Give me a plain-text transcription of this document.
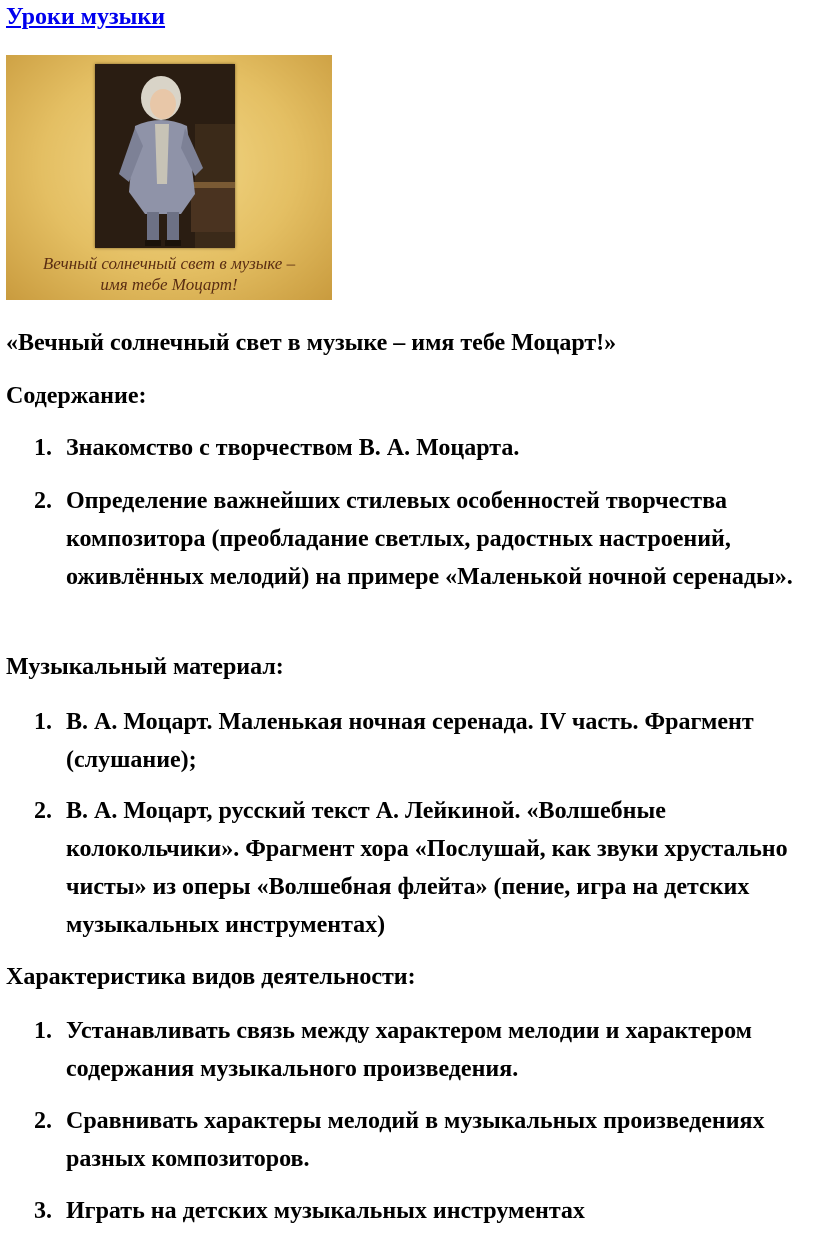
Уроки музыки
Вечный солнечный свет в музыке –
имя тебе Моцарт!
«Вечный солнечный свет в музыке – имя тебе Моцарт!»
Содержание:
1. Знакомство с творчеством В. А. Моцарта.
2. Определение важнейших стилевых особенностей творчества композитора (преобладание светлых, радостных настроений, оживлённых мелодий) на примере «Маленькой ночной серенады».
Музыкальный материал:
1. В. А. Моцарт. Маленькая ночная серенада. IV часть. Фрагмент (слушание);
2. В. А. Моцарт, русский текст А. Лейкиной. «Волшебные колокольчики». Фрагмент хора «Послушай, как звуки хрустально чисты» из оперы «Волшебная флейта» (пение, игра на детских музыкальных инструментах)
Характеристика видов деятельности:
1. Устанавливать связь между характером мелодии и характером содержания музыкального произведения.
2. Сравнивать характеры мелодий в музыкальных произведениях разных композиторов.
3. Играть на детских музыкальных инструментах
